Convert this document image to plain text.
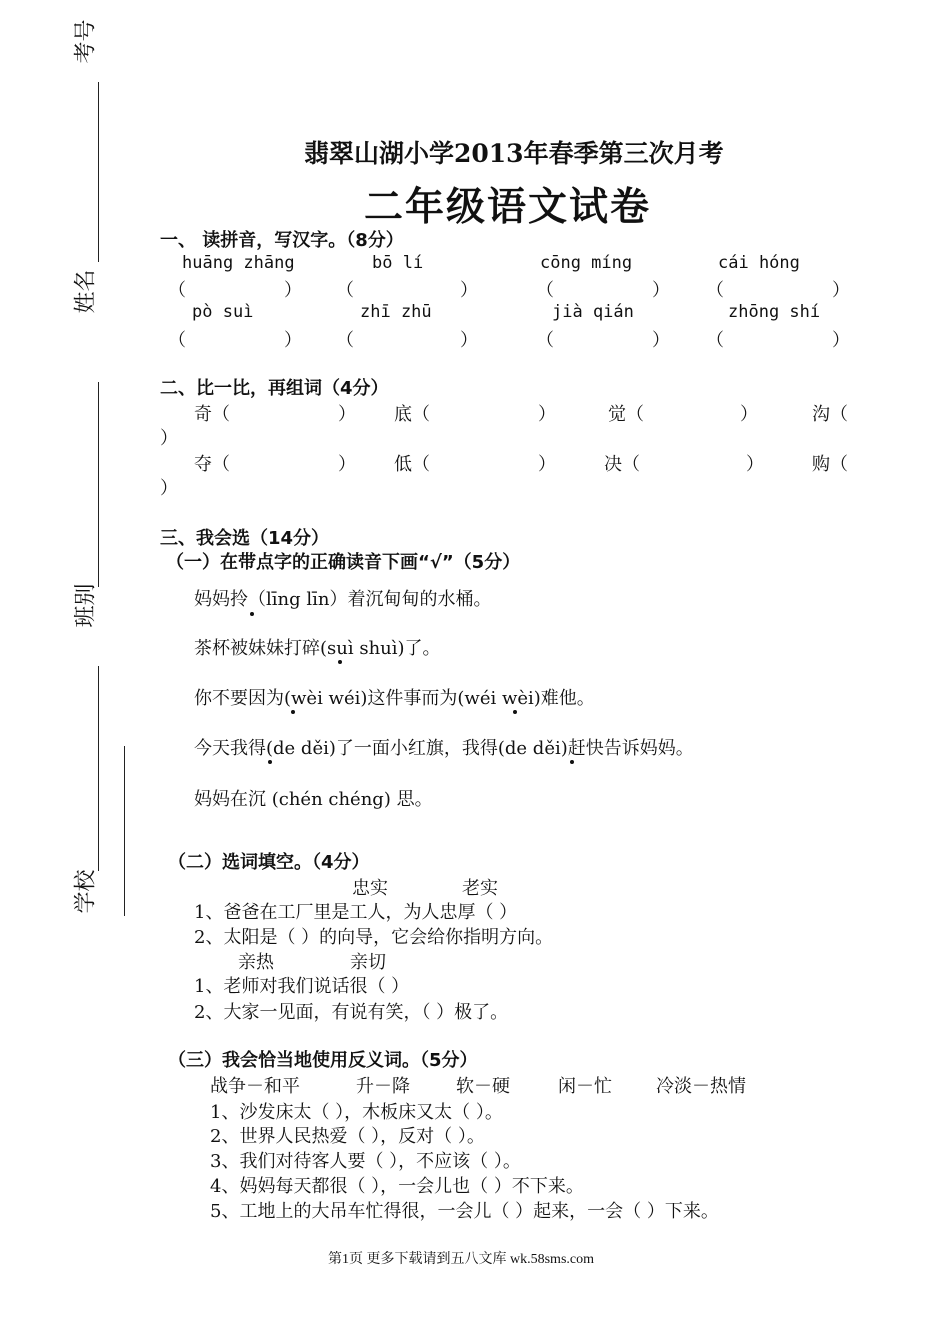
考号
姓名
班别
学校
翡翠山湖小学2013年春季第三次月考
二年级语文试卷
一、 读拼音，写汉字。（8分）
huāng zhāng	bō lí	cōng míng	cái hóng
（	） （	）	（	） （	）
pò suì	zhī zhū	jià qián	zhōng shí
（	） （	）	（	） （	）
二、比一比，再组词（4分）
奇（	） 底（	）	觉（	）	沟（
）
夺（	） 低（	）	决（	）	购（
）
三、我会选（14分）
（一）在带点字的正确读音下画“√”（5分）
妈妈拎（līng līn）着沉甸甸的水桶。
茶杯被妹妹打碎(suì shuì)了。
你不要因为(wèi wéi)这件事而为(wéi wèi)难他。
今天我得(de děi)了一面小红旗，我得(de děi)赶快告诉妈妈。
妈妈在沉 (chén chéng) 思。
（二）选词填空。（4分）
忠实	老实
1、爸爸在工厂里是工人，为人忠厚（ ）
2、太阳是（ ）的向导，它会给你指明方向。
亲热	亲切
1、老师对我们说话很（ ）
2、大家一见面，有说有笑，（ ）极了。
（三）我会恰当地使用反义词。（5分）
战争－和平	升－降	软－硬	闲－忙 冷淡－热情
1、沙发床太（ ），木板床又太（ ）。
2、世界人民热爱（ ），反对（ ）。
3、我们对待客人要（ ），不应该（ ）。
4、妈妈每天都很（ ），一会儿也（ ）不下来。
5、工地上的大吊车忙得很，一会儿（ ）起来，一会（ ）下来。
第1页 更多下载请到五八文库 wk.58sms.com
